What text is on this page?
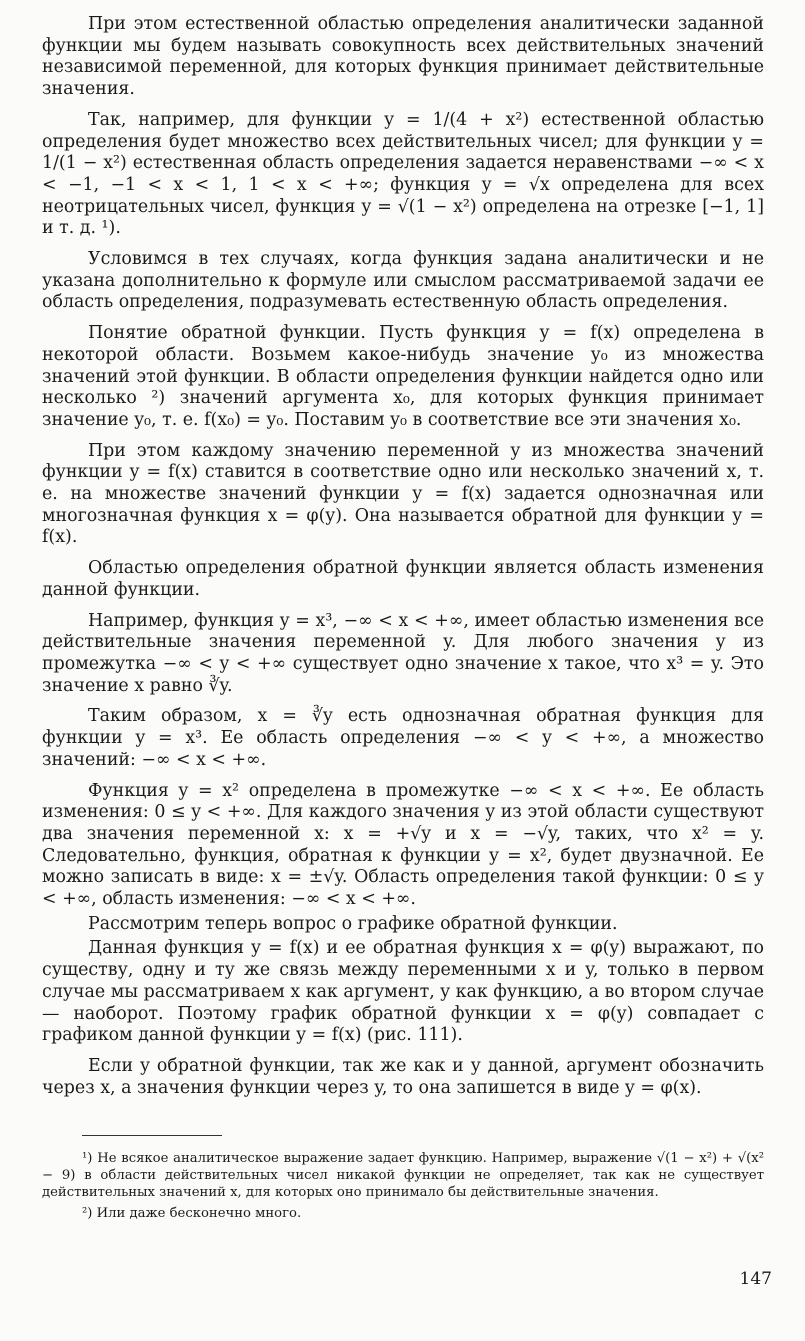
При этом естественной областью определения аналитически заданной функции мы будем называть совокупность всех действительных значений независимой переменной, для которых функция принимает действительные значения.

Так, например, для функции y = 1/(4 + x²) естественной областью определения будет множество всех действительных чисел; для функции y = 1/(1 − x²) естественная область определения задается неравенствами −∞ < x < −1, −1 < x < 1, 1 < x < +∞; функция y = √x определена для всех неотрицательных чисел, функция y = √(1 − x²) определена на отрезке [−1, 1] и т. д. ¹).

Условимся в тех случаях, когда функция задана аналитически и не указана дополнительно к формуле или смыслом рассматриваемой задачи ее область определения, подразумевать естественную область определения.

Понятие обратной функции. Пусть функция y = f(x) определена в некоторой области. Возьмем какое-нибудь значение y₀ из множества значений этой функции. В области определения функции найдется одно или несколько ²) значений аргумента x₀, для которых функция принимает значение y₀, т. е. f(x₀) = y₀. Поставим y₀ в соответствие все эти значения x₀.

При этом каждому значению переменной y из множества значений функции y = f(x) ставится в соответствие одно или несколько значений x, т. е. на множестве значений функции y = f(x) задается однозначная или многозначная функция x = φ(y). Она называется обратной для функции y = f(x).

Областью определения обратной функции является область изменения данной функции.

Например, функция y = x³, −∞ < x < +∞, имеет областью изменения все действительные значения переменной y. Для любого значения y из промежутка −∞ < y < +∞ существует одно значение x такое, что x³ = y. Это значение x равно ∛y.

Таким образом, x = ∛y есть однозначная обратная функция для функции y = x³. Ее область определения −∞ < y < +∞, а множество значений: −∞ < x < +∞.

Функция y = x² определена в промежутке −∞ < x < +∞. Ее область изменения: 0 ≤ y < +∞. Для каждого значения y из этой области существуют два значения переменной x: x = +√y и x = −√y, таких, что x² = y. Следовательно, функция, обратная к функции y = x², будет двузначной. Ее можно записать в виде: x = ±√y. Область определения такой функции: 0 ≤ y < +∞, область изменения: −∞ < x < +∞.

Рассмотрим теперь вопрос о графике обратной функции.

Данная функция y = f(x) и ее обратная функция x = φ(y) выражают, по существу, одну и ту же связь между переменными x и y, только в первом случае мы рассматриваем x как аргумент, y как функцию, а во втором случае — наоборот. Поэтому график обратной функции x = φ(y) совпадает с графиком данной функции y = f(x) (рис. 111).

Если у обратной функции, так же как и у данной, аргумент обозначить через x, а значения функции через y, то она запишется в виде y = φ(x).

¹) Не всякое аналитическое выражение задает функцию. Например, выражение √(1 − x²) + √(x² − 9) в области действительных чисел никакой функции не определяет, так как не существует действительных значений x, для которых оно принимало бы действительные значения.

²) Или даже бесконечно много.

147
